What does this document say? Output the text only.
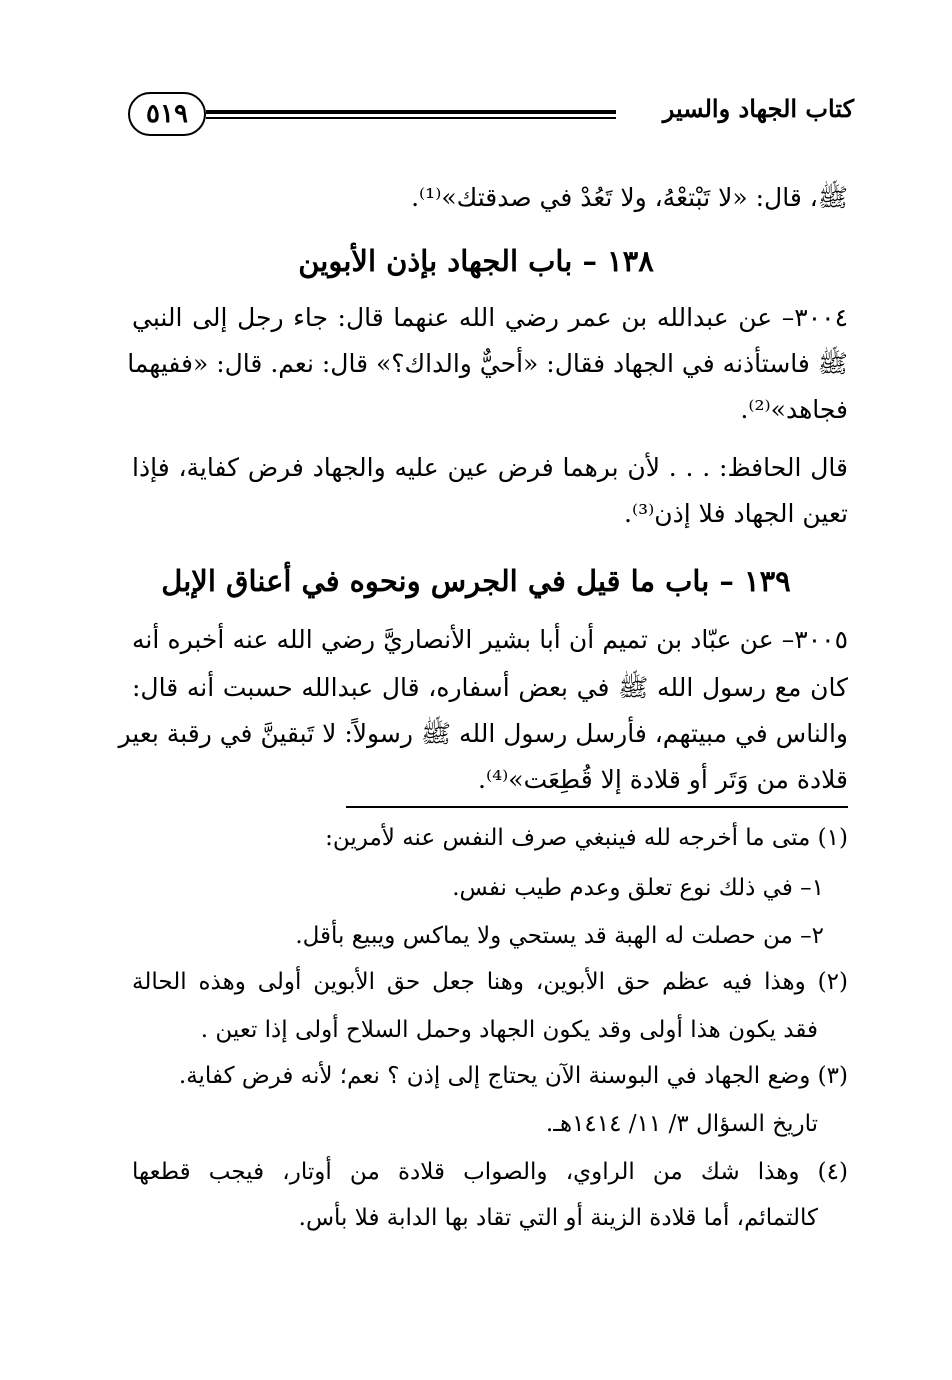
٥١٩	كتاب الجهاد والسير
ﷺ، قال: «لا تَبْتعْهُ، ولا تَعُدْ في صدقتك»⁽¹⁾.
١٣٨ – باب الجهاد بإذن الأبوين
٣٠٠٤– عن عبدالله بن عمر رضي الله عنهما قال: جاء رجل إلى النبي
ﷺ فاستأذنه في الجهاد فقال: «أحيٌّ والداك؟» قال: نعم. قال: «ففيهما
فجاهد»⁽²⁾.
قال الحافظ: . . . لأن برهما فرض عين عليه والجهاد فرض كفاية، فإذا
تعين الجهاد فلا إذن⁽³⁾.
١٣٩ – باب ما قيل في الجرس ونحوه في أعناق الإبل
٣٠٠٥– عن عبّاد بن تميم أن أبا بشير الأنصاريَّ رضي الله عنه أخبره أنه
كان مع رسول الله ﷺ في بعض أسفاره، قال عبدالله حسبت أنه قال:
والناس في مبيتهم، فأرسل رسول الله ﷺ رسولاً: لا تَبقينَّ في رقبة بعير
قلادة من وَتَر أو قلادة إلا قُطِعَت»⁽⁴⁾.
(١) متى ما أخرجه لله فينبغي صرف النفس عنه لأمرين:
١– في ذلك نوع تعلق وعدم طيب نفس.
٢– من حصلت له الهبة قد يستحي ولا يماكس ويبيع بأقل.
(٢) وهذا فيه عظم حق الأبوين، وهنا جعل حق الأبوين أولى وهذه الحالة
فقد يكون هذا أولى وقد يكون الجهاد وحمل السلاح أولى إذا تعين .
(٣) وضع الجهاد في البوسنة الآن يحتاج إلى إذن ؟ نعم؛ لأنه فرض كفاية.
تاريخ السؤال ٣/ ١١/ ١٤١٤هـ.
(٤) وهذا شك من الراوي، والصواب قلادة من أوتار، فيجب قطعها
كالتمائم، أما قلادة الزينة أو التي تقاد بها الدابة فلا بأس.
